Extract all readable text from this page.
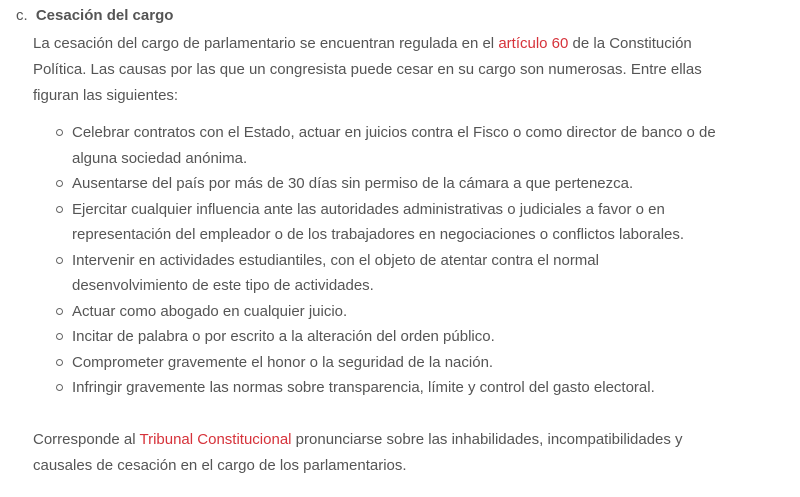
c. Cesación del cargo

La cesación del cargo de parlamentario se encuentran regulada en el artículo 60 de la Constitución Política. Las causas por las que un congresista puede cesar en su cargo son numerosas. Entre ellas figuran las siguientes:

Celebrar contratos con el Estado, actuar en juicios contra el Fisco o como director de banco o de alguna sociedad anónima.
Ausentarse del país por más de 30 días sin permiso de la cámara a que pertenezca.
Ejercitar cualquier influencia ante las autoridades administrativas o judiciales a favor o en representación del empleador o de los trabajadores en negociaciones o conflictos laborales.
Intervenir en actividades estudiantiles, con el objeto de atentar contra el normal desenvolvimiento de este tipo de actividades.
Actuar como abogado en cualquier juicio.
Incitar de palabra o por escrito a la alteración del orden público.
Comprometer gravemente el honor o la seguridad de la nación.
Infringir gravemente las normas sobre transparencia, límite y control del gasto electoral.

Corresponde al Tribunal Constitucional pronunciarse sobre las inhabilidades, incompatibilidades y causales de cesación en el cargo de los parlamentarios.
